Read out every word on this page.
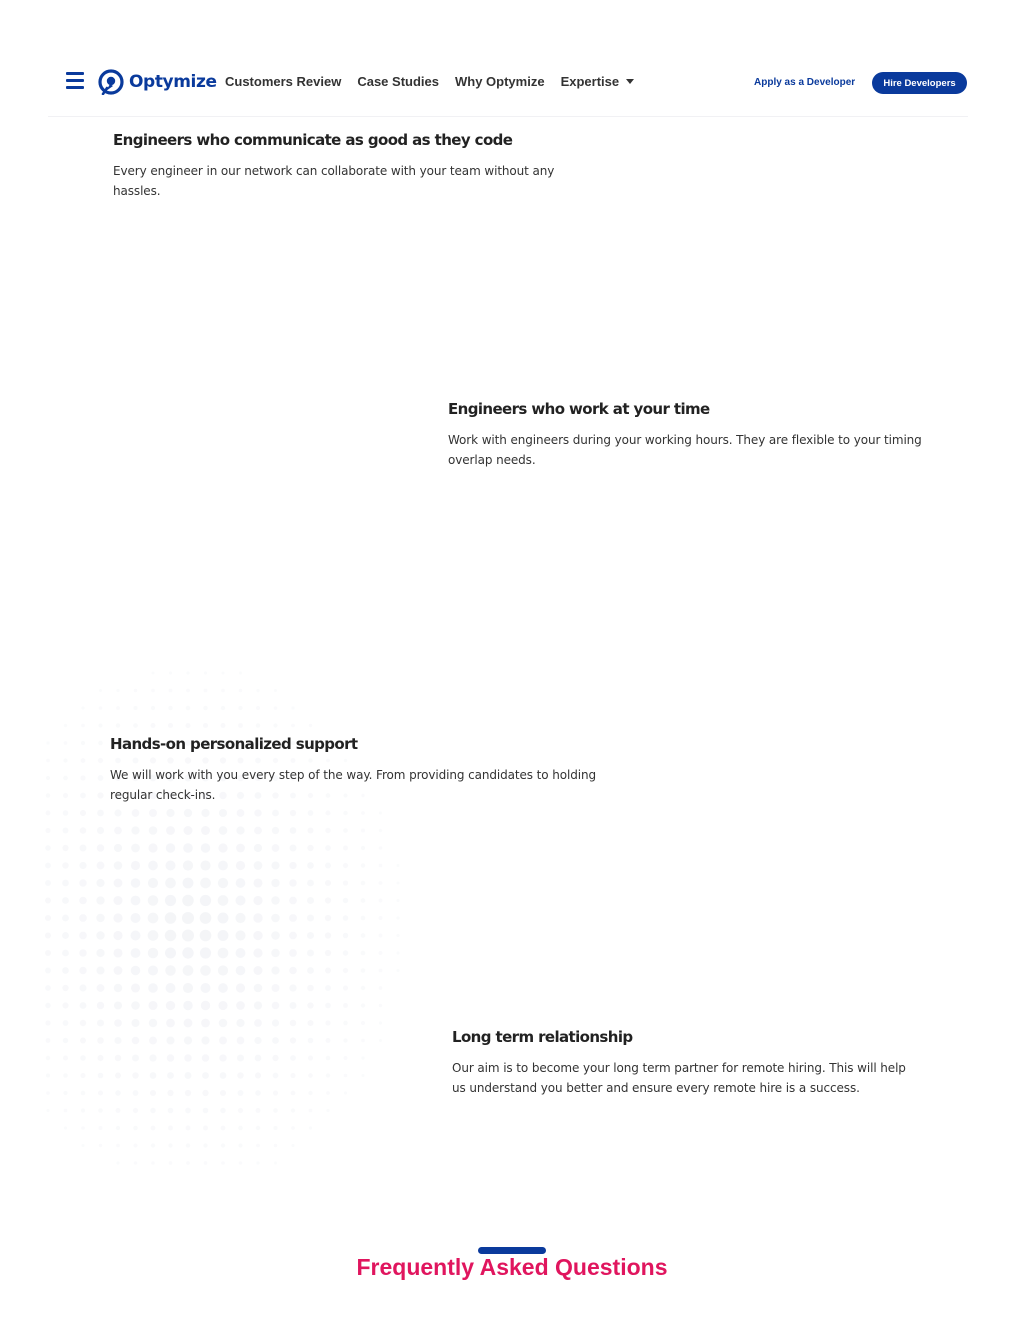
Optymize Customers Review Case Studies Why Optymize Expertise	Apply as a Developer	Hire Developers
Engineers who communicate as good as they code

Every engineer in our network can collaborate with your team without any hassles.

Engineers who work at your time

Work with engineers during your working hours. They are flexible to your timing overlap needs.

Hands-on personalized support

We will work with you every step of the way. From providing candidates to holding regular check-ins.

Long term relationship

Our aim is to become your long term partner for remote hiring. This will help us understand you better and ensure every remote hire is a success.

Frequently Asked Questions
